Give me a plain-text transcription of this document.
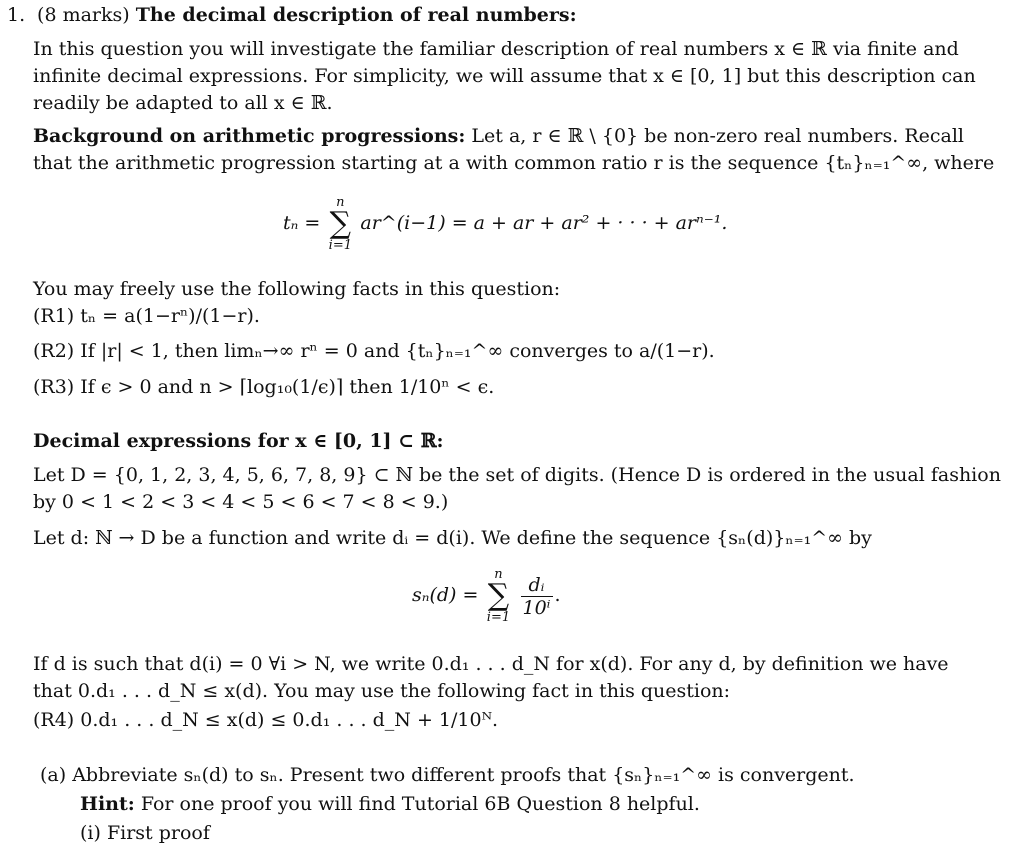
1. (8 marks) The decimal description of real numbers:
In this question you will investigate the familiar description of real numbers x ∈ ℝ via finite and
infinite decimal expressions. For simplicity, we will assume that x ∈ [0, 1] but this description can
readily be adapted to all x ∈ ℝ.
Background on arithmetic progressions: Let a, r ∈ ℝ \ {0} be non-zero real numbers. Recall
that the arithmetic progression starting at a with common ratio r is the sequence {tₙ}ₙ₌₁^∞, where
tₙ =
n
∑
i=1
ar^(i−1) = a + ar + ar² + · · · + arⁿ⁻¹.
You may freely use the following facts in this question:
(R1) tₙ = a(1−rⁿ)/(1−r).
(R2) If |r| < 1, then limₙ→∞ rⁿ = 0 and {tₙ}ₙ₌₁^∞ converges to a/(1−r).
(R3) If ϵ > 0 and n > ⌈log₁₀(1/ϵ)⌉ then 1/10ⁿ < ϵ.
Decimal expressions for x ∈ [0, 1] ⊂ ℝ:
Let D = {0, 1, 2, 3, 4, 5, 6, 7, 8, 9} ⊂ ℕ be the set of digits. (Hence D is ordered in the usual fashion
by 0 < 1 < 2 < 3 < 4 < 5 < 6 < 7 < 8 < 9.)
Let d: ℕ → D be a function and write dᵢ = d(i). We define the sequence {sₙ(d)}ₙ₌₁^∞ by
sₙ(d) =
n
∑
i=1
$\frac{\text{dᵢ}}{\text{10ⁱ}}$ .
If d is such that d(i) = 0 ∀i > N, we write 0.d₁ . . . d_N for x(d). For any d, by definition we have
that 0.d₁ . . . d_N ≤ x(d). You may use the following fact in this question:
(R4) 0.d₁ . . . d_N ≤ x(d) ≤ 0.d₁ . . . d_N + 1/10ᴺ.
(a) Abbreviate sₙ(d) to sₙ. Present two different proofs that {sₙ}ₙ₌₁^∞ is convergent.
Hint: For one proof you will find Tutorial 6B Question 8 helpful.
(i) First proof
